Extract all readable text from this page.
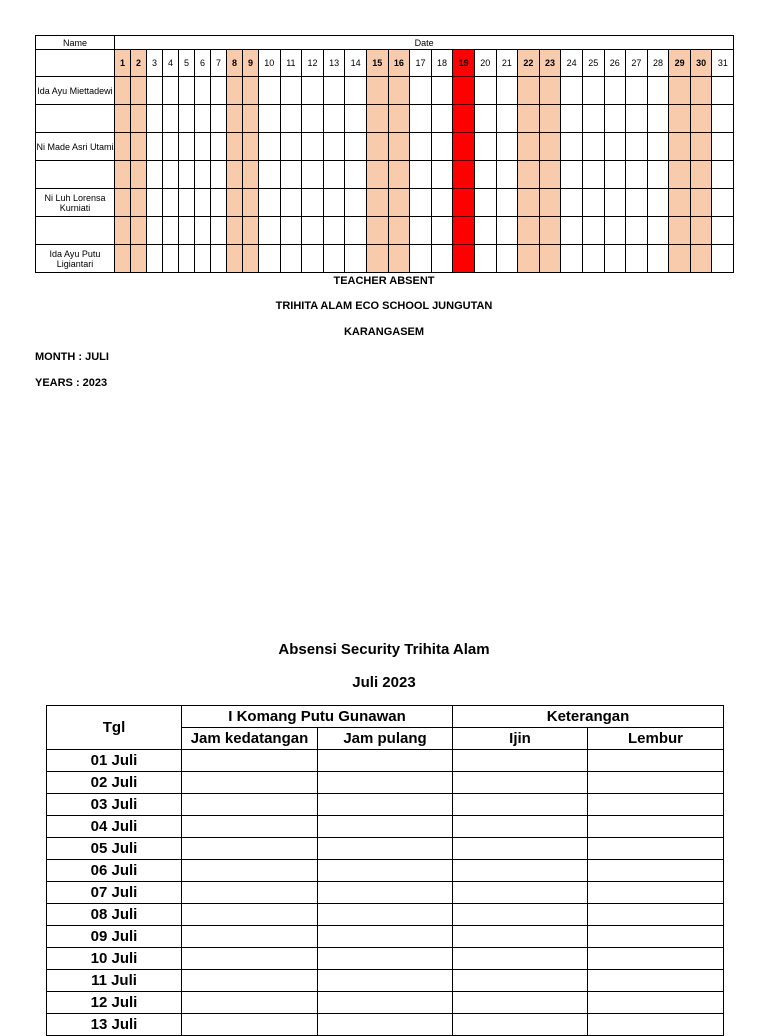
Name	Date																														
	1	2	3	4	5	6	7	8	9	10	11	12	13	14	15	16	17	18	19	20	21	22	23	24	25	26	27	28	29	30	31
Ida Ayu Miettadewi																															

Ni Made Asri Utami																															

Ni Luh Lorensa Kurniati																															

Ida Ayu Putu Ligiantari																															
TEACHER ABSENT
TRIHITA ALAM ECO SCHOOL JUNGUTAN
KARANGASEM
MONTH : JULI
YEARS : 2023
Absensi Security Trihita Alam
Juli 2023
Tgl	I Komang Putu Gunawan		Keterangan	
	Jam kedatangan	Jam pulang	Ijin	Lembur
01 Juli				
02 Juli				
03 Juli				
04 Juli				
05 Juli				
06 Juli				
07 Juli				
08 Juli				
09 Juli				
10 Juli				
11 Juli				
12 Juli				
13 Juli				
